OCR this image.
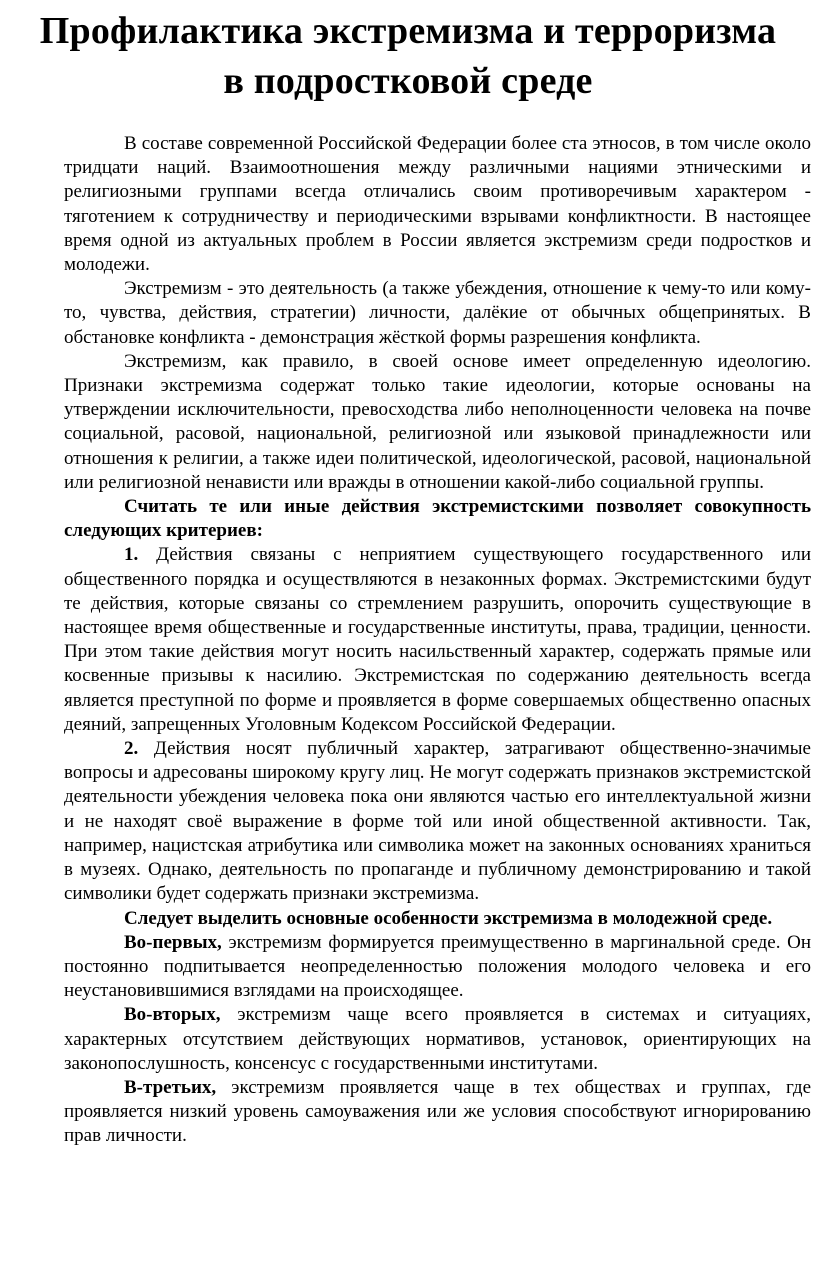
Профилактика экстремизма и терроризма
в подростковой среде

В составе современной Российской Федерации более ста этносов, в том числе около тридцати наций. Взаимоотношения между различными нациями этническими и религиозными группами всегда отличались своим противоречивым характером - тяготением к сотрудничеству и периодическими взрывами конфликтности. В настоящее время одной из актуальных проблем в России является экстремизм среди подростков и молодежи.

Экстремизм - это деятельность (а также убеждения, отношение к чему-то или кому-то, чувства, действия, стратегии) личности, далёкие от обычных общепринятых. В обстановке конфликта - демонстрация жёсткой формы разрешения конфликта.

Экстремизм, как правило, в своей основе имеет определенную идеологию. Признаки экстремизма содержат только такие идеологии, которые основаны на утверждении исключительности, превосходства либо неполноценности человека на почве социальной, расовой, национальной, религиозной или языковой принадлежности или отношения к религии, а также идеи политической, идеологической, расовой, национальной или религиозной ненависти или вражды в отношении какой-либо социальной группы.

Считать те или иные действия экстремистскими позволяет совокупность следующих критериев:

1. Действия связаны с неприятием существующего государственного или общественного порядка и осуществляются в незаконных формах. Экстремистскими будут те действия, которые связаны со стремлением разрушить, опорочить существующие в настоящее время общественные и государственные институты, права, традиции, ценности. При этом такие действия могут носить насильственный характер, содержать прямые или косвенные призывы к насилию. Экстремистская по содержанию деятельность всегда является преступной по форме и проявляется в форме совершаемых общественно опасных деяний, запрещенных Уголовным Кодексом Российской Федерации.

2. Действия носят публичный характер, затрагивают общественно-значимые вопросы и адресованы широкому кругу лиц. Не могут содержать признаков экстремистской деятельности убеждения человека пока они являются частью его интеллектуальной жизни и не находят своё выражение в форме той или иной общественной активности. Так, например, нацистская атрибутика или символика может на законных основаниях храниться в музеях. Однако, деятельность по пропаганде и публичному демонстрированию и такой символики будет содержать признаки экстремизма.

Следует выделить основные особенности экстремизма в молодежной среде.

Во-первых, экстремизм формируется преимущественно в маргинальной среде. Он постоянно подпитывается неопределенностью положения молодого человека и его неустановившимися взглядами на происходящее.

Во-вторых, экстремизм чаще всего проявляется в системах и ситуациях, характерных отсутствием действующих нормативов, установок, ориентирующих на законопослушность, консенсус с государственными институтами.

В-третьих, экстремизм проявляется чаще в тех обществах и группах, где проявляется низкий уровень самоуважения или же условия способствуют игнорированию прав личности.
